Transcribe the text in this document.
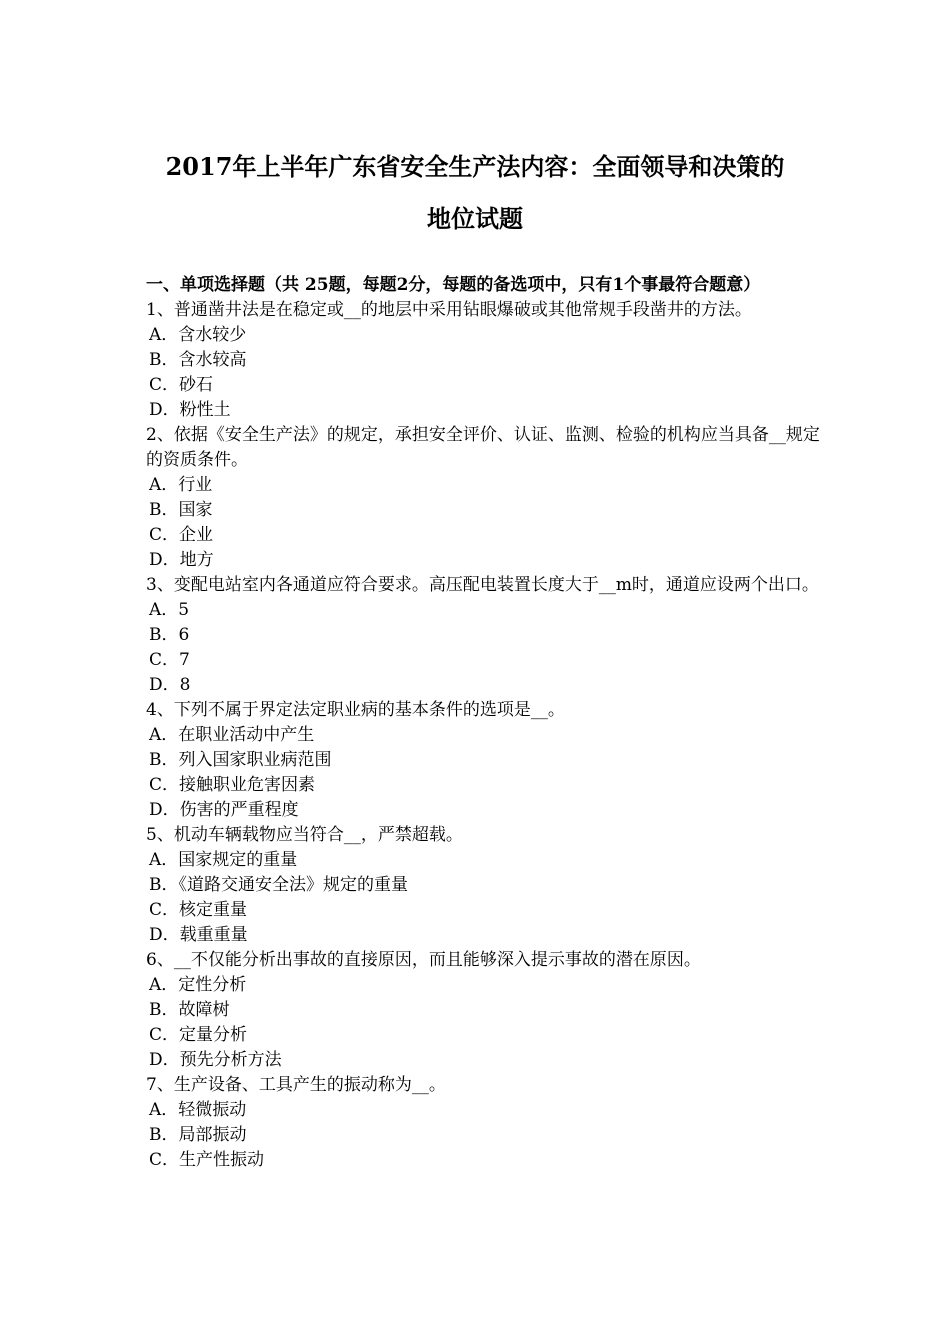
2017年上半年广东省安全生产法内容：全面领导和决策的
地位试题
一、单项选择题（共 25题，每题2分，每题的备选项中，只有1个事最符合题意）
1、普通凿井法是在稳定或__的地层中采用钻眼爆破或其他常规手段凿井的方法。
A．含水较少
B．含水较高
C．砂石
D．粉性土
2、依据《安全生产法》的规定，承担安全评价、认证、监测、检验的机构应当具备__规定的资质条件。
A．行业
B．国家
C．企业
D．地方
3、变配电站室内各通道应符合要求。高压配电装置长度大于__m时，通道应设两个出口。
A．5
B．6
C．7
D．8
4、下列不属于界定法定职业病的基本条件的选项是__。
A．在职业活动中产生
B．列入国家职业病范围
C．接触职业危害因素
D．伤害的严重程度
5、机动车辆载物应当符合__，严禁超载。
A．国家规定的重量
B．《道路交通安全法》规定的重量
C．核定重量
D．载重重量
6、__不仅能分析出事故的直接原因，而且能够深入提示事故的潜在原因。
A．定性分析
B．故障树
C．定量分析
D．预先分析方法
7、生产设备、工具产生的振动称为__。
A．轻微振动
B．局部振动
C．生产性振动
